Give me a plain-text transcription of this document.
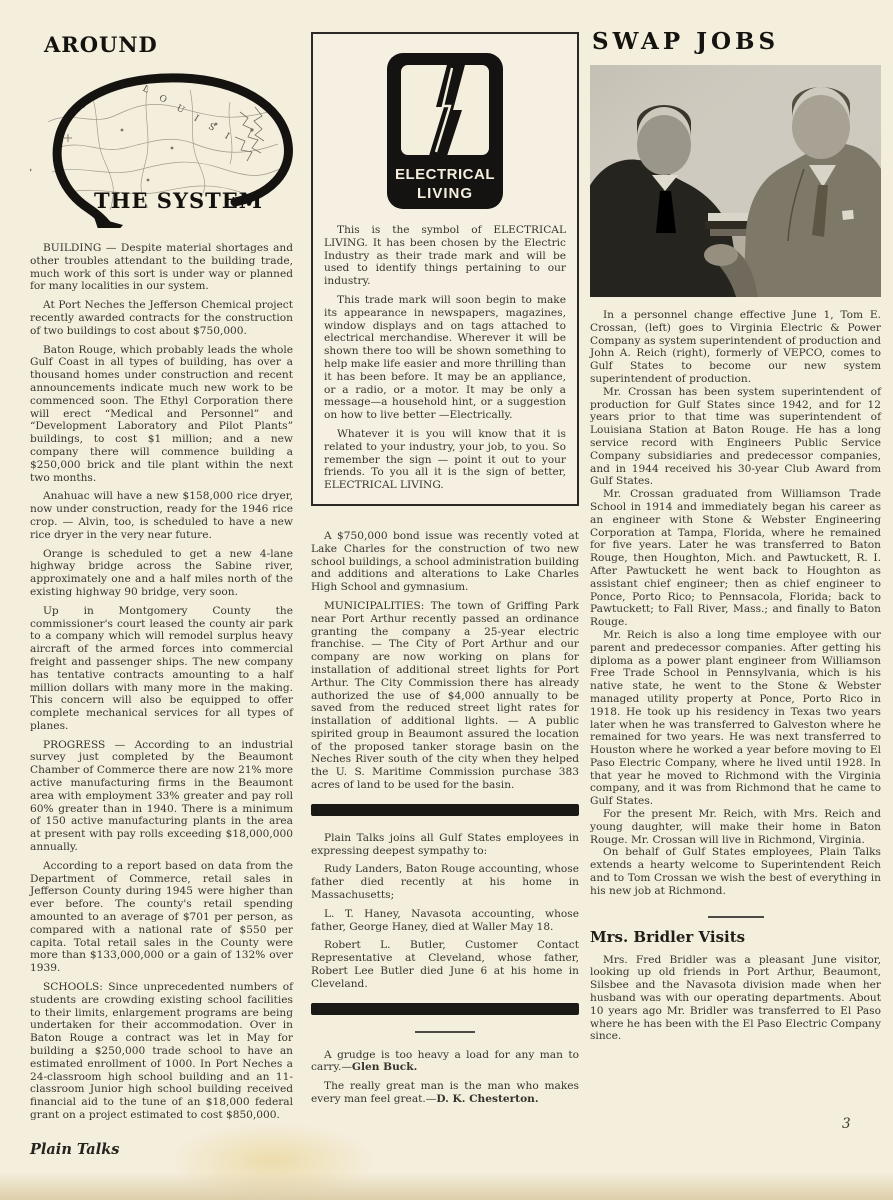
L O U I S I
AROUND
THE SYSTEM

BUILDING — Despite material shortages and other troubles attendant to the building trade, much work of this sort is under way or planned for many localities in our system.

At Port Neches the Jefferson Chemical project recently awarded contracts for the construction of two buildings to cost about $750,000.

Baton Rouge, which probably leads the whole Gulf Coast in all types of building, has over a thousand homes under construction and recent announcements indicate much new work to be commenced soon. The Ethyl Corporation there will erect “Medical and Personnel” and “Development Laboratory and Pilot Plants” buildings, to cost $1 million; and a new company there will commence building a $250,000 brick and tile plant within the next two months.

Anahuac will have a new $158,000 rice dryer, now under construction, ready for the 1946 rice crop. — Alvin, too, is scheduled to have a new rice dryer in the very near future.

Orange is scheduled to get a new 4-lane highway bridge across the Sabine river, approximately one and a half miles north of the existing highway 90 bridge, very soon.

Up in Montgomery County the commissioner's court leased the county air park to a company which will remodel surplus heavy aircraft of the armed forces into commercial freight and passenger ships. The new company has tentative contracts amounting to a half million dollars with many more in the making. This concern will also be equipped to offer complete mechanical services for all types of planes.

PROGRESS — According to an industrial survey just completed by the Beaumont Chamber of Commerce there are now 21% more active manufacturing firms in the Beaumont area with employment 33% greater and pay roll 60% greater than in 1940. There is a minimum of 150 active manufacturing plants in the area at present with pay rolls exceeding $18,000,000 annually.

According to a report based on data from the Department of Commerce, retail sales in Jefferson County during 1945 were higher than ever before. The county's retail spending amounted to an average of $701 per person, as compared with a national rate of $550 per capita. Total retail sales in the County were more than $133,000,000 or a gain of 132% over 1939.

SCHOOLS: Since unprecedented numbers of students are crowding existing school facilities to their limits, enlargement programs are being undertaken for their accommodation. Over in Baton Rouge a contract was let in May for building a $250,000 trade school to have an estimated enrollment of 1000. In Port Neches a 24-classroom high school building and an 11-classroom Junior high school building received financial aid to the tune of an $18,000 federal grant on a project estimated to cost $850,000.

ELECTRICAL
LIVING

This is the symbol of ELECTRICAL LIVING. It has been chosen by the Electric Industry as their trade mark and will be used to identify things pertaining to our industry.

This trade mark will soon begin to make its appearance in newspapers, magazines, window displays and on tags attached to electrical merchandise. Wherever it will be shown there too will be shown something to help make life easier and more thrilling than it has been before. It may be an appliance, or a radio, or a motor. It may be only a message—a household hint, or a suggestion on how to live better —Electrically.

Whatever it is you will know that it is related to your industry, your job, to you. So remember the sign — point it out to your friends. To you all it is the sign of better, ELECTRICAL LIVING.

A $750,000 bond issue was recently voted at Lake Charles for the construction of two new school buildings, a school administration building and additions and alterations to Lake Charles High School and gymnasium.

MUNICIPALITIES: The town of Griffing Park near Port Arthur recently passed an ordinance granting the company a 25-year electric franchise. — The City of Port Arthur and our company are now working on plans for installation of additional street lights for Port Arthur. The City Commission there has already authorized the use of $4,000 annually to be saved from the reduced street light rates for installation of additional lights. — A public spirited group in Beaumont assured the location of the proposed tanker storage basin on the Neches River south of the city when they helped the U. S. Maritime Commission purchase 383 acres of land to be used for the basin.

Plain Talks joins all Gulf States employees in expressing deepest sympathy to:

Rudy Landers, Baton Rouge accounting, whose father died recently at his home in Massachusetts;

L. T. Haney, Navasota accounting, whose father, George Haney, died at Waller May 18.

Robert L. Butler, Customer Contact Representative at Cleveland, whose father, Robert Lee Butler died June 6 at his home in Cleveland.

A grudge is too heavy a load for any man to carry.—Glen Buck.

The really great man is the man who makes every man feel great.—D. K. Chesterton.

SWAP JOBS

In a personnel change effective June 1, Tom E. Crossan, (left) goes to Virginia Electric & Power Company as system superintendent of production and John A. Reich (right), formerly of VEPCO, comes to Gulf States to become our new system superintendent of production.

Mr. Crossan has been system superintendent of production for Gulf States since 1942, and for 12 years prior to that time was superintendent of Louisiana Station at Baton Rouge. He has a long service record with Engineers Public Service Company subsidiaries and predecessor companies, and in 1944 received his 30-year Club Award from Gulf States.

Mr. Crossan graduated from Williamson Trade School in 1914 and immediately began his career as an engineer with Stone & Webster Engineering Corporation at Tampa, Florida, where he remained for five years. Later he was transferred to Baton Rouge, then Houghton, Mich. and Pawtuckett, R. I. After Pawtuckett he went back to Houghton as assistant chief engineer; then as chief engineer to Ponce, Porto Rico; to Pennsacola, Florida; back to Pawtuckett; to Fall River, Mass.; and finally to Baton Rouge.

Mr. Reich is also a long time employee with our parent and predecessor companies. After getting his diploma as a power plant engineer from Williamson Free Trade School in Pennsylvania, which is his native state, he went to the Stone & Webster managed utility property at Ponce, Porto Rico in 1918. He took up his residency in Texas two years later when he was transferred to Galveston where he remained for two years. He was next transferred to Houston where he worked a year before moving to El Paso Electric Company, where he lived until 1928. In that year he moved to Richmond with the Virginia company, and it was from Richmond that he came to Gulf States.

For the present Mr. Reich, with Mrs. Reich and young daughter, will make their home in Baton Rouge. Mr. Crossan will live in Richmond, Virginia.

On behalf of Gulf States employees, Plain Talks extends a hearty welcome to Superintendent Reich and to Tom Crossan we wish the best of everything in his new job at Richmond.

Mrs. Bridler Visits

Mrs. Fred Bridler was a pleasant June visitor, looking up old friends in Port Arthur, Beaumont, Silsbee and the Navasota division made when her husband was with our operating departments. About 10 years ago Mr. Bridler was transferred to El Paso where he has been with the El Paso Electric Company since.

Plain Talks
3
